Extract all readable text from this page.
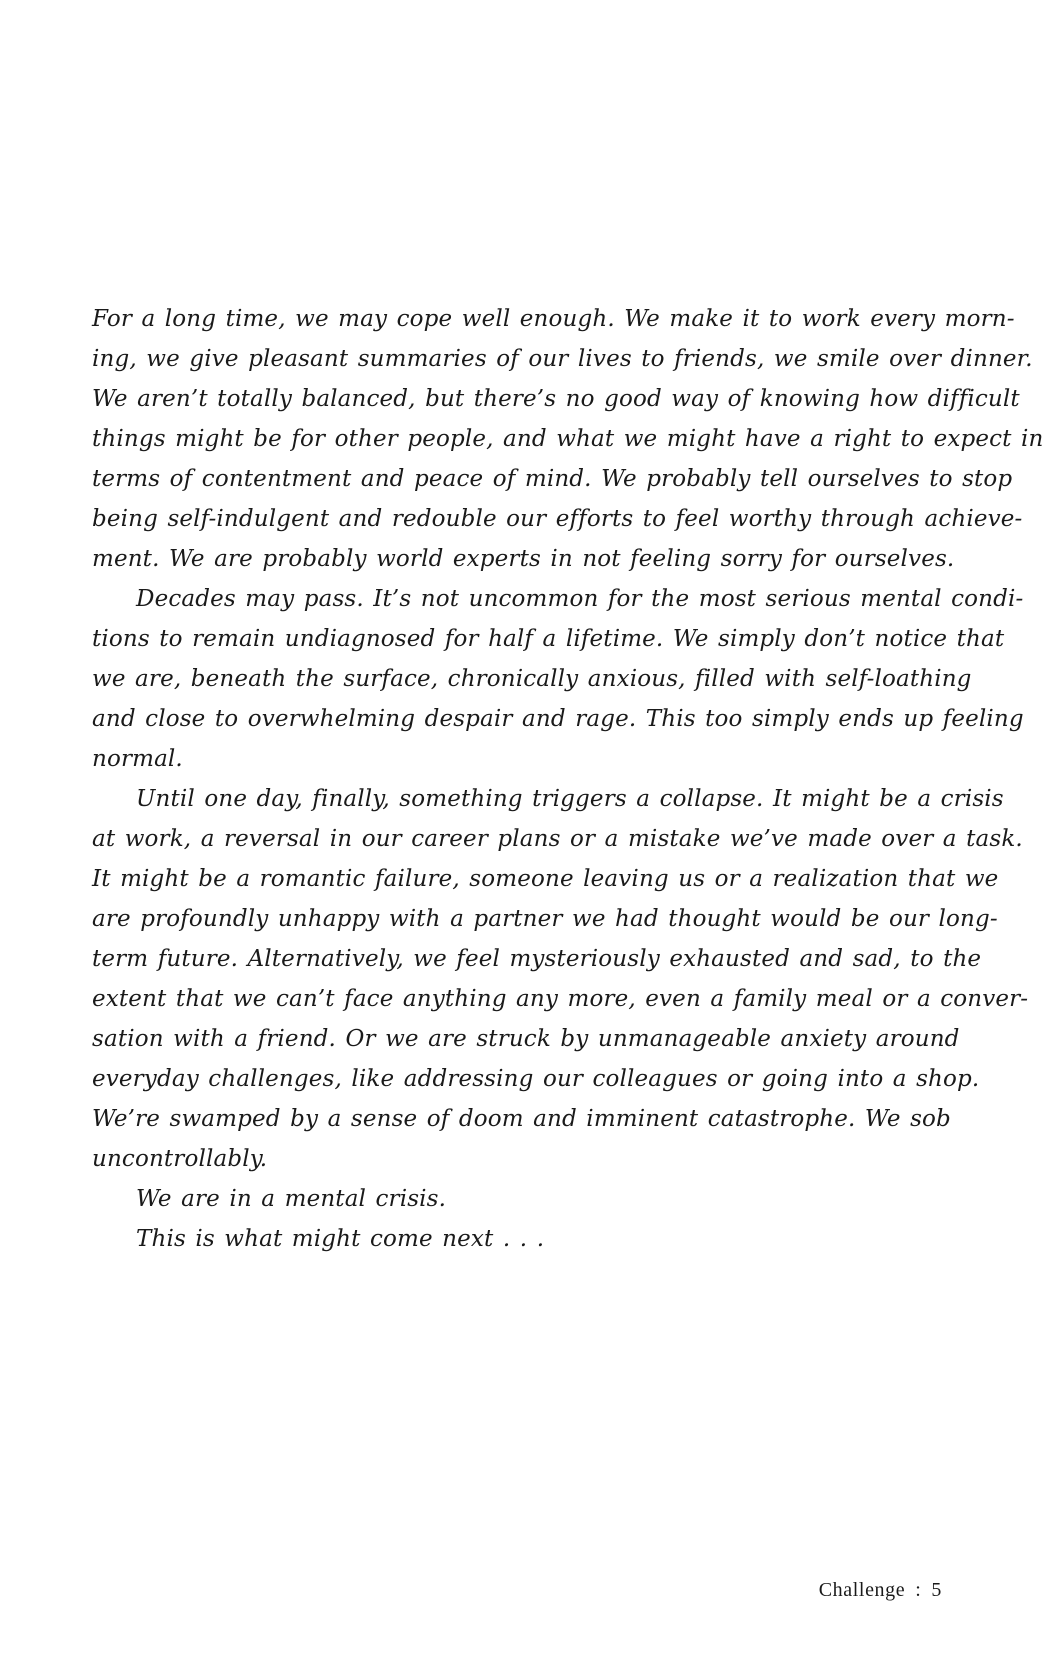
For a long time, we may cope well enough. We make it to work every morn-
ing, we give pleasant summaries of our lives to friends, we smile over dinner.
We aren’t totally balanced, but there’s no good way of knowing how difficult
things might be for other people, and what we might have a right to expect in
terms of contentment and peace of mind. We probably tell ourselves to stop
being self-indulgent and redouble our efforts to feel worthy through achieve-
ment. We are probably world experts in not feeling sorry for ourselves.
Decades may pass. It’s not uncommon for the most serious mental condi-
tions to remain undiagnosed for half a lifetime. We simply don’t notice that
we are, beneath the surface, chronically anxious, filled with self-loathing
and close to overwhelming despair and rage. This too simply ends up feeling
normal.
Until one day, finally, something triggers a collapse. It might be a crisis
at work, a reversal in our career plans or a mistake we’ve made over a task.
It might be a romantic failure, someone leaving us or a realization that we
are profoundly unhappy with a partner we had thought would be our long-
term future. Alternatively, we feel mysteriously exhausted and sad, to the
extent that we can’t face anything any more, even a family meal or a conver-
sation with a friend. Or we are struck by unmanageable anxiety around
everyday challenges, like addressing our colleagues or going into a shop.
We’re swamped by a sense of doom and imminent catastrophe. We sob
uncontrollably.
We are in a mental crisis.
This is what might come next . . .
Challenge : 5
